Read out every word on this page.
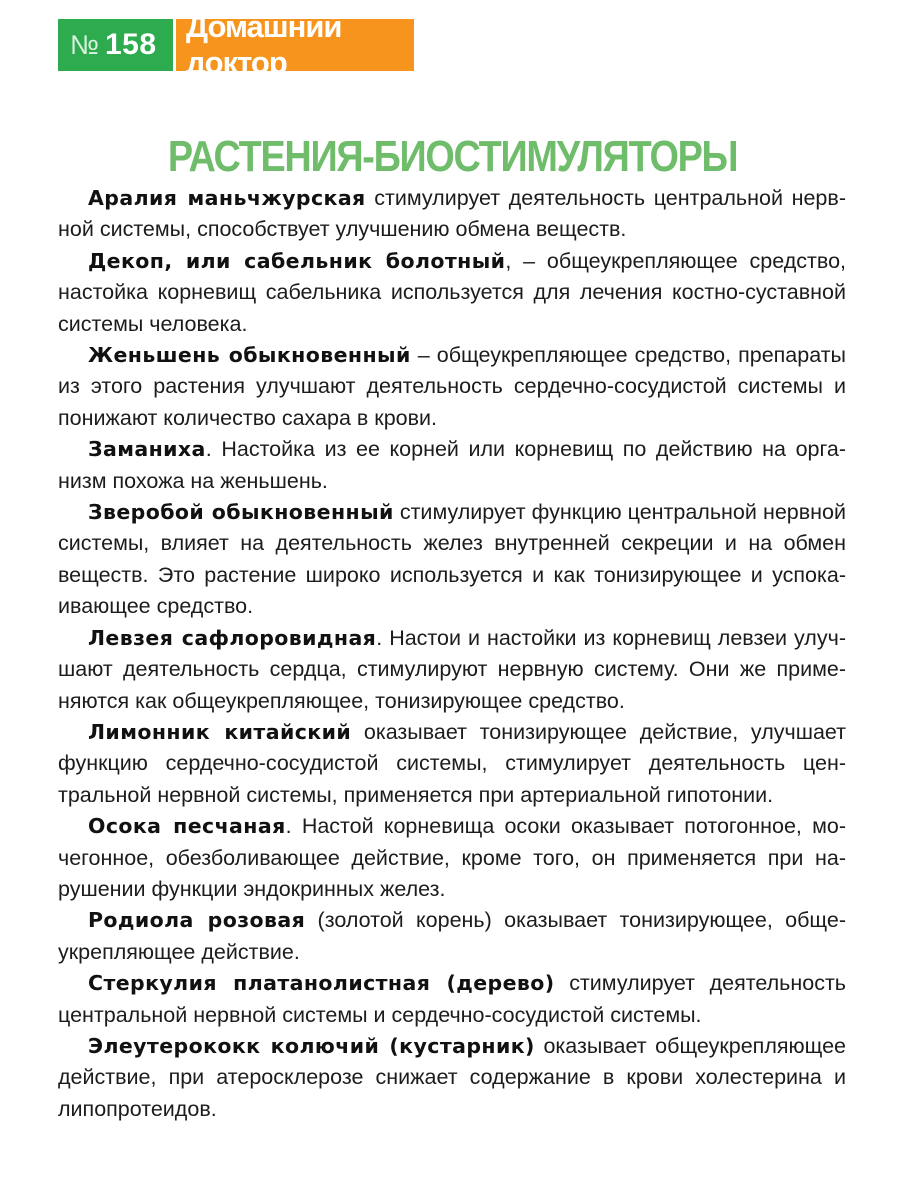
№ 158
Домашний доктор
РАСТЕНИЯ-БИОСТИМУЛЯТОРЫ

Аралия маньчжурская стимулирует деятельность центральной нервной системы, способствует улучшению обмена веществ.

Декоп, или сабельник болотный, – общеукрепляющее средство, настойка корневищ сабельника используется для лечения костно-суставной системы человека.

Женьшень обыкновенный – общеукрепляющее средство, препараты из этого растения улучшают деятельность сердечно-сосудистой системы и понижают количество сахара в крови.

Заманиха. Настойка из ее корней или корневищ по действию на организм похожа на женьшень.

Зверобой обыкновенный стимулирует функцию центральной нервной системы, влияет на деятельность желез внутренней секреции и на обмен веществ. Это растение широко используется и как тонизирующее и успокаивающее средство.

Левзея сафлоровидная. Настои и настойки из корневищ левзеи улучшают деятельность сердца, стимулируют нервную систему. Они же применяются как общеукрепляющее, тонизирующее средство.

Лимонник китайский оказывает тонизирующее действие, улучшает функцию сердечно-сосудистой системы, стимулирует деятельность центральной нервной системы, применяется при артериальной гипотонии.

Осока песчаная. Настой корневища осоки оказывает потогонное, мочегонное, обезболивающее действие, кроме того, он применяется при нарушении функции эндокринных желез.

Родиола розовая (золотой корень) оказывает тонизирующее, общеукрепляющее действие.

Стеркулия платанолистная (дерево) стимулирует деятельность центральной нервной системы и сердечно-сосудистой системы.

Элеутерококк колючий (кустарник) оказывает общеукрепляющее действие, при атеросклерозе снижает содержание в крови холестерина и липопротеидов.
